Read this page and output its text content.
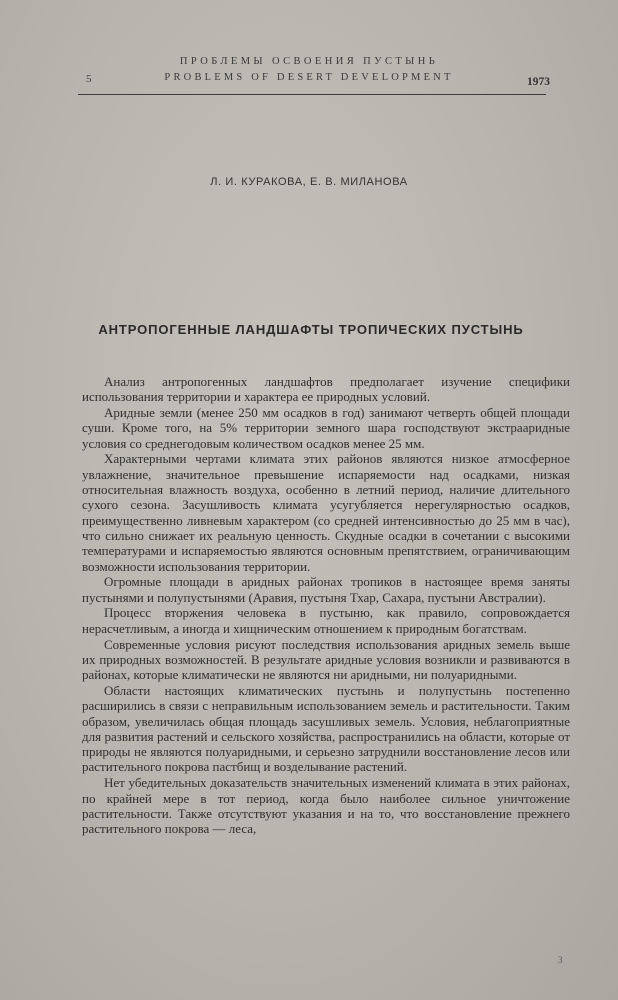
5
ПРОБЛЕМЫ ОСВОЕНИЯ ПУСТЫНЬ
PROBLEMS OF DESERT DEVELOPMENT	1973
Л. И. КУРАКОВА, Е. В. МИЛАНОВА
АНТРОПОГЕННЫЕ ЛАНДШАФТЫ ТРОПИЧЕСКИХ ПУСТЫНЬ

Анализ антропогенных ландшафтов предполагает изучение специфики использования территории и характера ее природных условий.

Аридные земли (менее 250 мм осадков в год) занимают четверть общей площади суши. Кроме того, на 5% территории земного шара господствуют экстрааридные условия со среднегодовым количеством осадков менее 25 мм.

Характерными чертами климата этих районов являются низкое атмосферное увлажнение, значительное превышение испаряемости над осадками, низкая относительная влажность воздуха, особенно в летний период, наличие длительного сухого сезона. Засушливость климата усугубляется нерегулярностью осадков, преимущественно ливневым характером (со средней интенсивностью до 25 мм в час), что сильно снижает их реальную ценность. Скудные осадки в сочетании с высокими температурами и испаряемостью являются основным препятствием, ограничивающим возможности использования территории.

Огромные площади в аридных районах тропиков в настоящее время заняты пустынями и полупустынями (Аравия, пустыня Тхар, Сахара, пустыни Австралии).

Процесс вторжения человека в пустыню, как правило, сопровождается нерасчетливым, а иногда и хищническим отношением к природным богатствам.

Современные условия рисуют последствия использования аридных земель выше их природных возможностей. В результате аридные условия возникли и развиваются в районах, которые климатически не являются ни аридными, ни полуаридными.

Области настоящих климатических пустынь и полупустынь постепенно расширились в связи с неправильным использованием земель и растительности. Таким образом, увеличилась общая площадь засушливых земель. Условия, неблагоприятные для развития растений и сельского хозяйства, распространились на области, которые от природы не являются полуаридными, и серьезно затруднили восстановление лесов или растительного покрова пастбищ и возделывание растений.

Нет убедительных доказательств значительных изменений климата в этих районах, по крайней мере в тот период, когда было наиболее сильное уничтожение растительности. Также отсутствуют указания и на то, что восстановление прежнего растительного покрова — леса,

3
